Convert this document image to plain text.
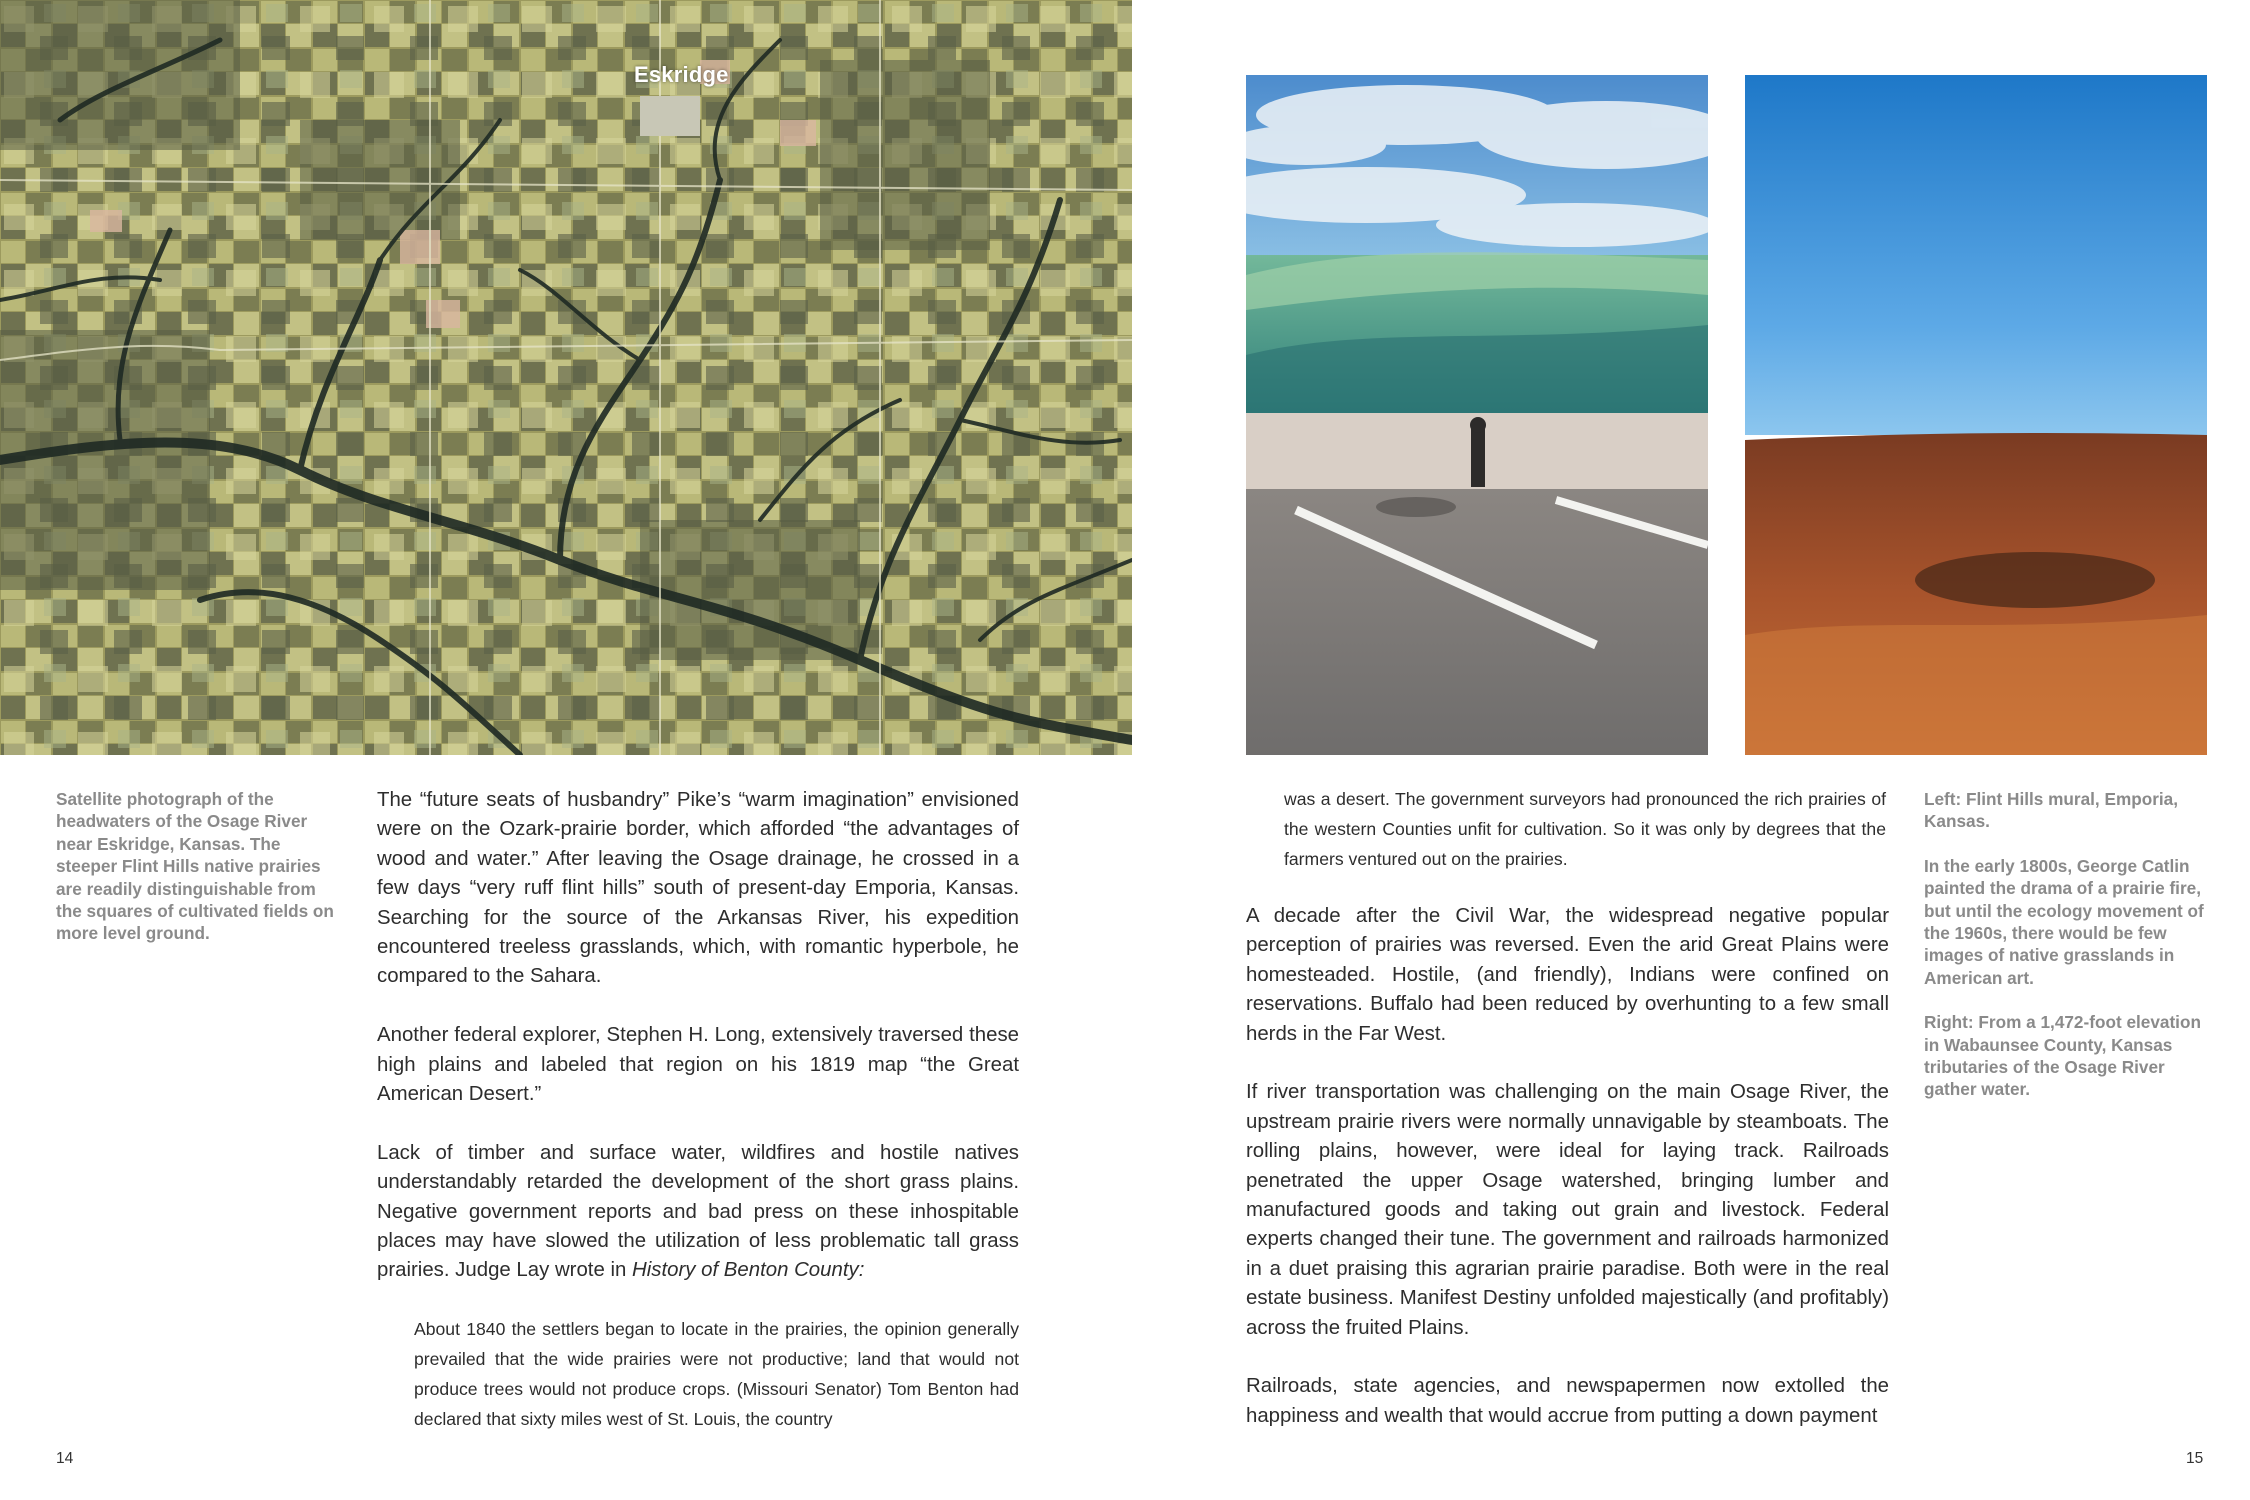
Eskridge
Satellite photograph of the headwaters of the Osage River near Eskridge, Kansas. The steeper Flint Hills native prairies are readily distinguishable from the squares of cultivated fields on more level ground.

The “future seats of husbandry” Pike’s “warm imagination” envisioned were on the Ozark-prairie border, which afforded “the advantages of wood and water.” After leaving the Osage drainage, he crossed in a few days “very ruff flint hills” south of present-day Emporia, Kansas. Searching for the source of the Arkansas River, his expedition encountered treeless grasslands, which, with romantic hyperbole, he compared to the Sahara.

Another federal explorer, Stephen H. Long, extensively traversed these high plains and labeled that region on his 1819 map “the Great American Desert.”

Lack of timber and surface water, wildfires and hostile natives understandably retarded the development of the short grass plains. Negative government reports and bad press on these inhospitable places may have slowed the utilization of less problematic tall grass prairies. Judge Lay wrote in History of Benton County:

About 1840 the settlers began to locate in the prairies, the opinion generally prevailed that the wide prairies were not productive; land that would not produce trees would not produce crops. (Missouri Senator) Tom Benton had declared that sixty miles west of St. Louis, the country

14

was a desert. The government surveyors had pronounced the rich prairies of the western Counties unfit for cultivation. So it was only by degrees that the farmers ventured out on the prairies.

A decade after the Civil War, the widespread negative popular perception of prairies was reversed. Even the arid Great Plains were homesteaded. Hostile, (and friendly), Indians were confined on reservations. Buffalo had been reduced by overhunting to a few small herds in the Far West.

If river transportation was challenging on the main Osage River, the upstream prairie rivers were normally unnavigable by steamboats. The rolling plains, however, were ideal for laying track. Railroads penetrated the upper Osage watershed, bringing lumber and manufactured goods and taking out grain and livestock. Federal experts changed their tune. The government and railroads harmonized in a duet praising this agrarian prairie paradise. Both were in the real estate business. Manifest Destiny unfolded majestically (and profitably) across the fruited Plains.

Railroads, state agencies, and newspapermen now extolled the happiness and wealth that would accrue from putting a down payment

Left: Flint Hills mural, Emporia, Kansas.
In the early 1800s, George Catlin painted the drama of a prairie fire, but until the ecology movement of the 1960s, there would be few images of native grasslands in American art.
Right: From a 1,472-foot elevation in Wabaunsee County, Kansas tributaries of the Osage River gather water.
15
